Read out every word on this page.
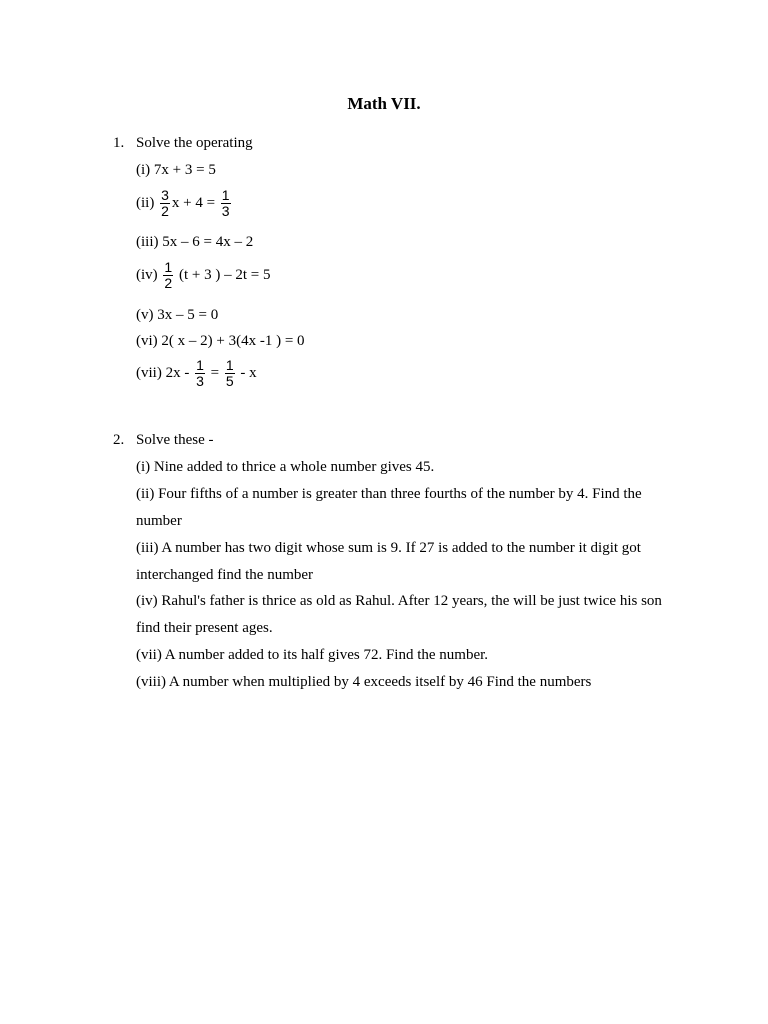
Math VII.
1. Solve the operating
(i) 7x + 3 = 5
$(ii) \frac{3}{2}$ $x + 4 = \frac{1}{3}$
(iii) 5x – 6 = 4x – 2
$(iv) \frac{1}{2} (t + 3$ ) – 2t = 5
(v) 3x – 5 = 0
(vi) 2( x – 2) + 3(4x -1 ) = 0
(vii) $2x - \frac{1}{3} = \frac{1}{5} - x$
2. Solve these -
(i) Nine added to thrice a whole number gives 45.
(ii) Four fifths of a number is greater than three fourths of the number by 4. Find the
number
(iii) A number has two digit whose sum is 9. If 27 is added to the number it digit got
interchanged find the number
(iv) Rahul's father is thrice as old as Rahul. After 12 years, the will be just twice his son
find their present ages.
(vii) A number added to its half gives 72. Find the number.
(viii) A number when multiplied by 4 exceeds itself by 46 Find the numbers
